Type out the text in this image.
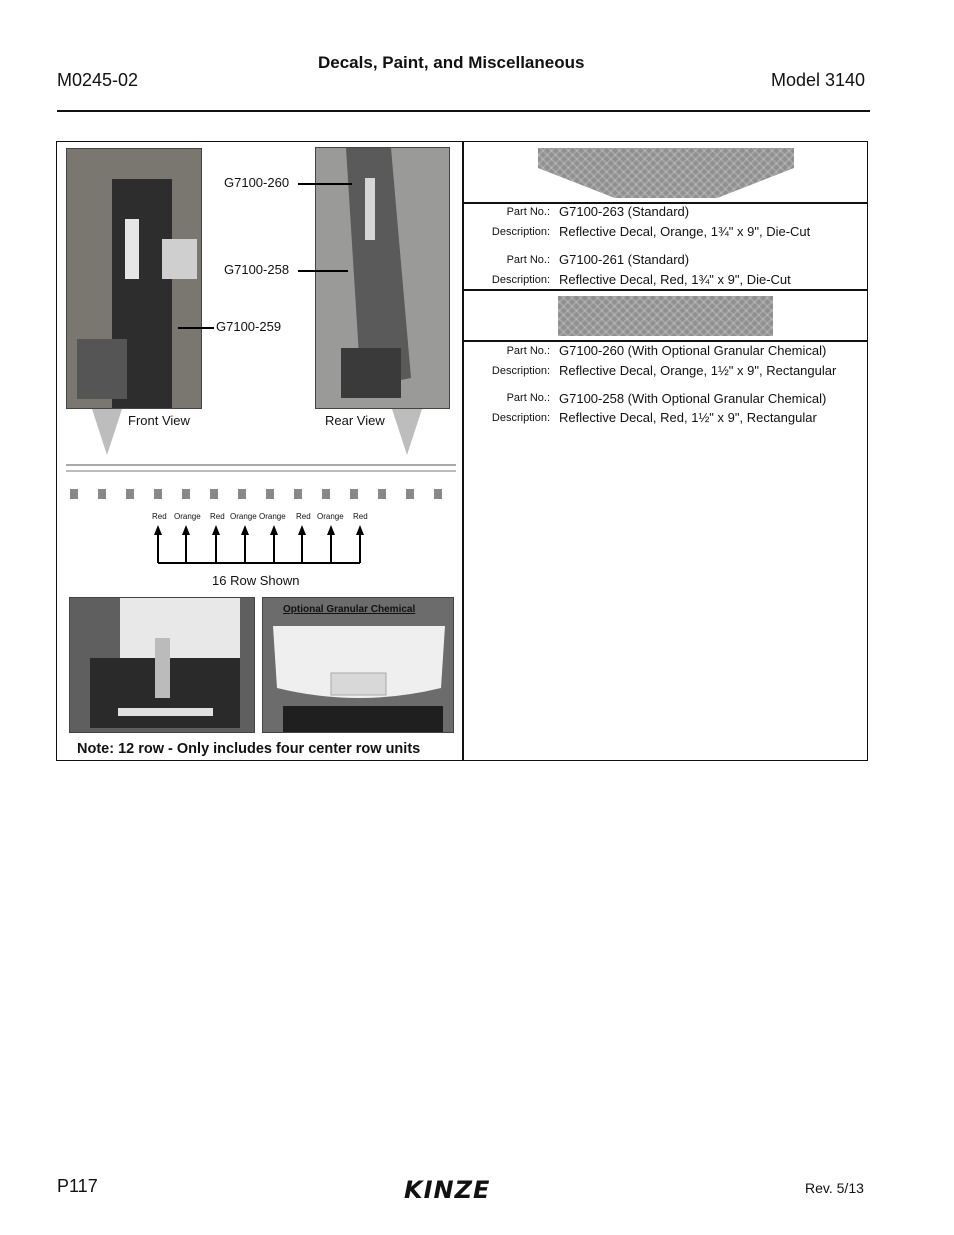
Decals, Paint, and Miscellaneous
M0245-02	Model 3140
G7100-260
G7100-258
G7100-259
Front View	Rear View
Red Orange Red Orange Orange Red Orange Red
16 Row Shown
Optional Granular Chemical
Note: 12 row - Only includes four center row units
Part No.: G7100-263 (Standard)
Description: Reflective Decal, Orange, 1¾" x 9", Die-Cut
Part No.: G7100-261 (Standard)
Description: Reflective Decal, Red, 1¾" x 9", Die-Cut
Part No.: G7100-260 (With Optional Granular Chemical)
Description: Reflective Decal, Orange, 1½" x 9", Rectangular
Part No.: G7100-258 (With Optional Granular Chemical)
Description: Reflective Decal, Red, 1½" x 9", Rectangular
P117	KINZE	Rev. 5/13
